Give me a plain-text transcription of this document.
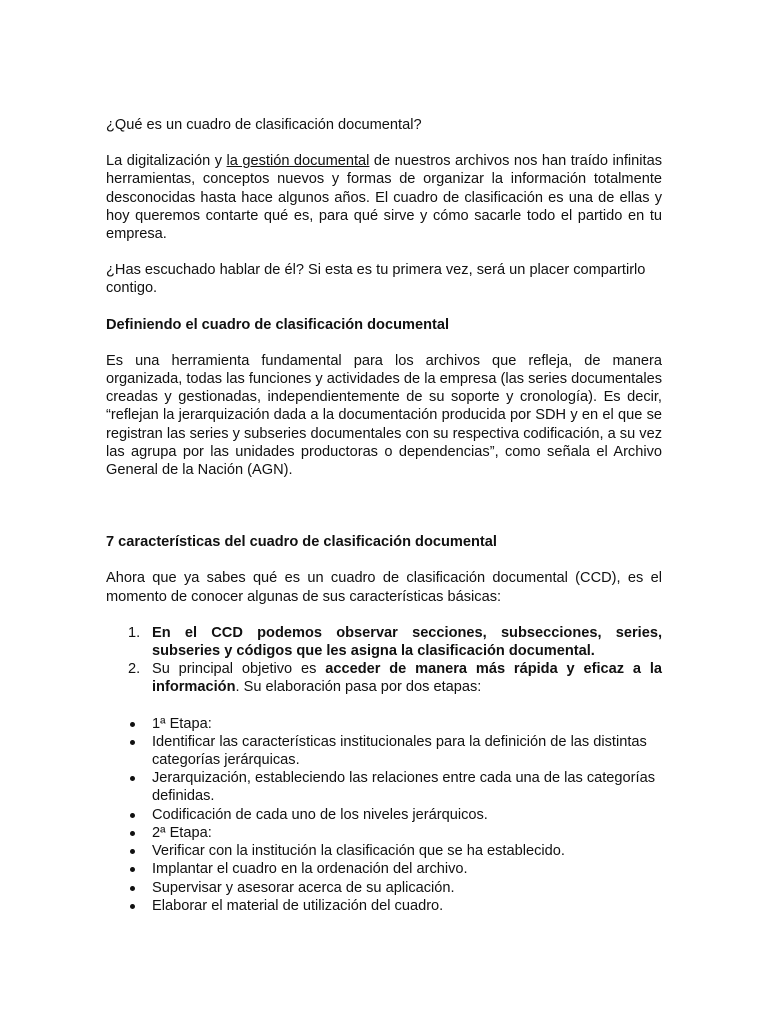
¿Qué es un cuadro de clasificación documental?

La digitalización y la gestión documental de nuestros archivos nos han traído infinitas herramientas, conceptos nuevos y formas de organizar la información totalmente desconocidas hasta hace algunos años. El cuadro de clasificación es una de ellas y hoy queremos contarte qué es, para qué sirve y cómo sacarle todo el partido en tu empresa.

¿Has escuchado hablar de él? Si esta es tu primera vez, será un placer compartirlo contigo.

Definiendo el cuadro de clasificación documental

Es una herramienta fundamental para los archivos que refleja, de manera organizada, todas las funciones y actividades de la empresa (las series documentales creadas y gestionadas, independientemente de su soporte y cronología). Es decir, “reflejan la jerarquización dada a la documentación producida por SDH y en el que se registran las series y subseries documentales con su respectiva codificación, a su vez las agrupa por las unidades productoras o dependencias”, como señala el Archivo General de la Nación (AGN).

7 características del cuadro de clasificación documental

Ahora que ya sabes qué es un cuadro de clasificación documental (CCD), es el momento de conocer algunas de sus características básicas:

1. En el CCD podemos observar secciones, subsecciones, series, subseries y códigos que les asigna la clasificación documental.
2. Su principal objetivo es acceder de manera más rápida y eficaz a la información. Su elaboración pasa por dos etapas:
1ª Etapa:
Identificar las características institucionales para la definición de las distintas categorías jerárquicas.
Jerarquización, estableciendo las relaciones entre cada una de las categorías definidas.
Codificación de cada uno de los niveles jerárquicos.
2ª Etapa:
Verificar con la institución la clasificación que se ha establecido.
Implantar el cuadro en la ordenación del archivo.
Supervisar y asesorar acerca de su aplicación.
Elaborar el material de utilización del cuadro.
